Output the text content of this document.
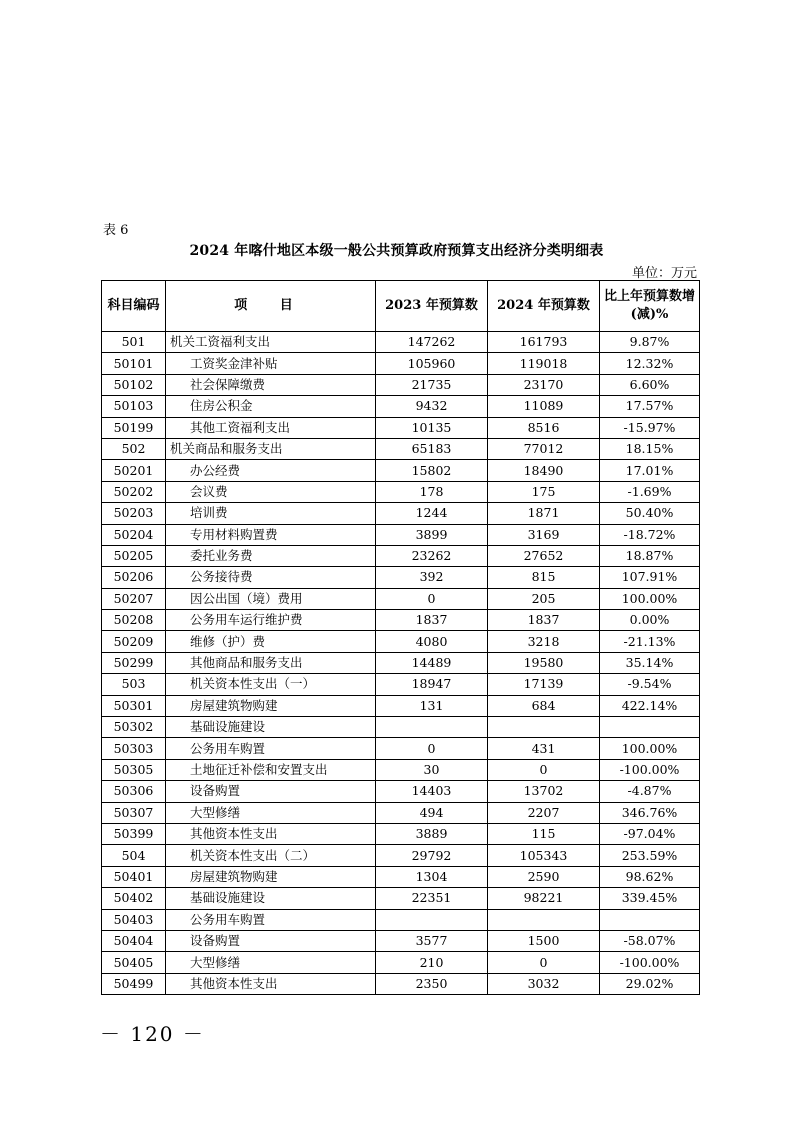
表 6
2024 年喀什地区本级一般公共预算政府预算支出经济分类明细表
单位：万元
科目编码	项 目	2023 年预算数	2024 年预算数	比上年预算数增
(减)%
501	机关工资福利支出	147262	161793	9.87%
50101	工资奖金津补贴	105960	119018	12.32%
50102	社会保障缴费	21735	23170	6.60%
50103	住房公积金	9432	11089	17.57%
50199	其他工资福利支出	10135	8516	-15.97%
502	机关商品和服务支出	65183	77012	18.15%
50201	办公经费	15802	18490	17.01%
50202	会议费	178	175	-1.69%
50203	培训费	1244	1871	50.40%
50204	专用材料购置费	3899	3169	-18.72%
50205	委托业务费	23262	27652	18.87%
50206	公务接待费	392	815	107.91%
50207	因公出国（境）费用	0	205	100.00%
50208	公务用车运行维护费	1837	1837	0.00%
50209	维修（护）费	4080	3218	-21.13%
50299	其他商品和服务支出	14489	19580	35.14%
503	机关资本性支出（一）	18947	17139	-9.54%
50301	房屋建筑物购建	131	684	422.14%
50302	基础设施建设			
50303	公务用车购置	0	431	100.00%
50305	土地征迁补偿和安置支出	30	0	-100.00%
50306	设备购置	14403	13702	-4.87%
50307	大型修缮	494	2207	346.76%
50399	其他资本性支出	3889	115	-97.04%
504	机关资本性支出（二）	29792	105343	253.59%
50401	房屋建筑物购建	1304	2590	98.62%
50402	基础设施建设	22351	98221	339.45%
50403	公务用车购置			
50404	设备购置	3577	1500	-58.07%
50405	大型修缮	210	0	-100.00%
50499	其他资本性支出	2350	3032	29.02%
－ 120 －
